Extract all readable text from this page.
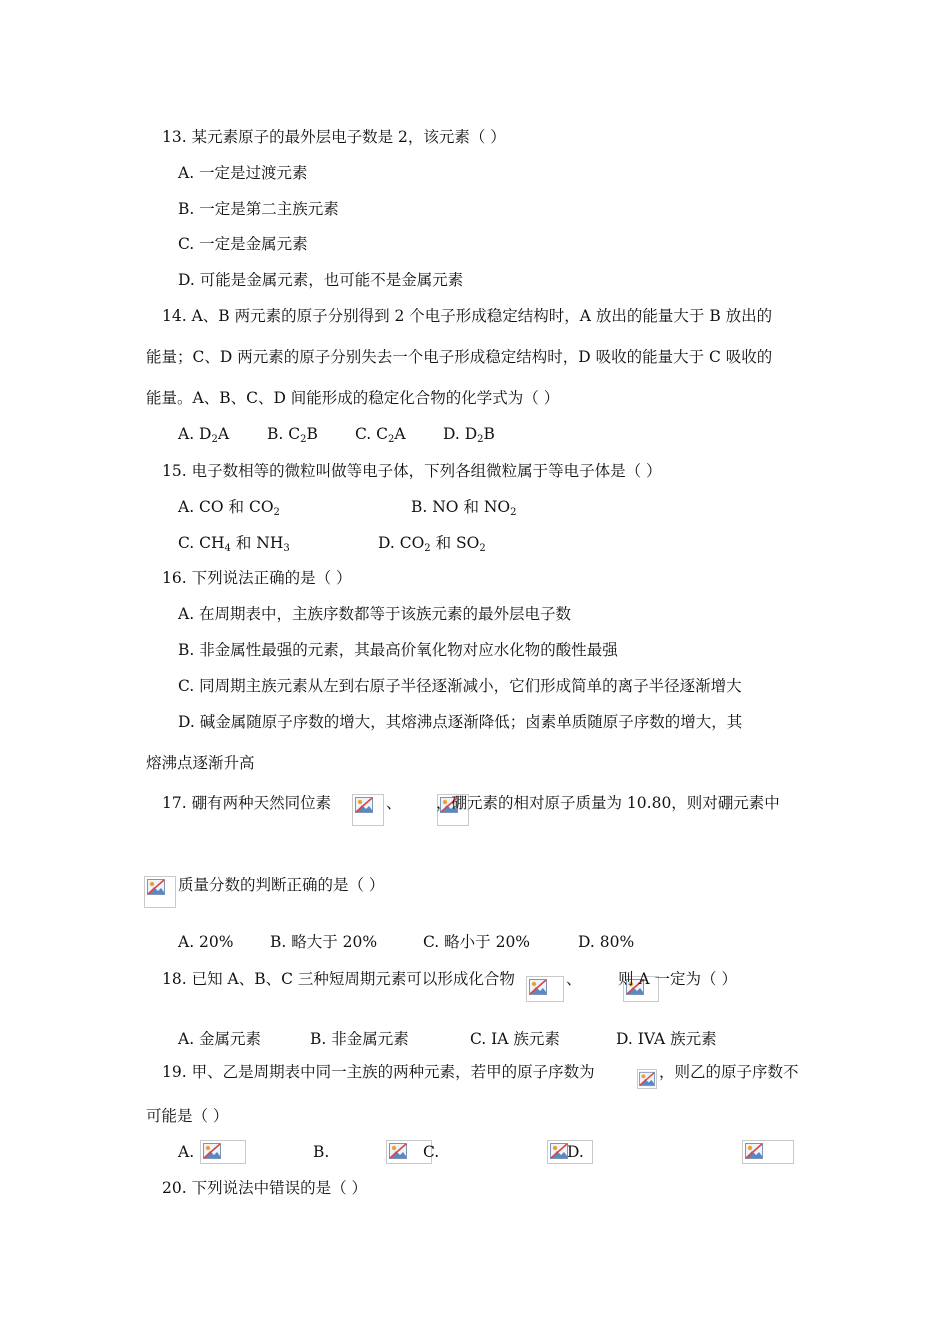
13. 某元素原子的最外层电子数是 2，该元素（ ）
A. 一定是过渡元素
B. 一定是第二主族元素
C. 一定是金属元素
D. 可能是金属元素，也可能不是金属元素
14. A、B 两元素的原子分别得到 2 个电子形成稳定结构时，A 放出的能量大于 B 放出的
能量；C、D 两元素的原子分别失去一个电子形成稳定结构时，D 吸收的能量大于 C 吸收的
能量。A、B、C、D 间能形成的稳定化合物的化学式为（ ）
A. $D_2A$ B. $C_2B$ C. $C_2A$ D. $D_2B$
15. 电子数相等的微粒叫做等电子体，下列各组微粒属于等电子体是（ ）
A. CO 和 $CO_2$	B. NO 和 $NO_2$
C. $CH_4$ 和 $NH_3$	D. $CO_2$ 和 $SO_2$
16. 下列说法正确的是（ ）
A. 在周期表中，主族序数都等于该族元素的最外层电子数
B. 非金属性最强的元素，其最高价氧化物对应水化物的酸性最强
C. 同周期主族元素从左到右原子半径逐渐减小，它们形成简单的离子半径逐渐增大
D. 碱金属随原子序数的增大，其熔沸点逐渐降低；卤素单质随原子序数的增大，其
熔沸点逐渐升高
17. 硼有两种天然同位素
	、 ，硼元素的相对原子质量为 10.80，则对硼元素中
质量分数的判断正确的是（ ）
A. 20% B. 略大于 20%	C. 略小于 20%	D. 80%
18. 已知 A、B、C 三种短周期元素可以形成化合物
	、 则 A 一定为（ ）
A. 金属元素	B. 非金属元素	C. IA 族元素	D. IVA 族元素
19. 甲、乙是周期表中同一主族的两种元素，若甲的原子序数为	，则乙的原子序数不
可能是（ ）
A.
	B.
	C.
	D.
20. 下列说法中错误的是（ ）
